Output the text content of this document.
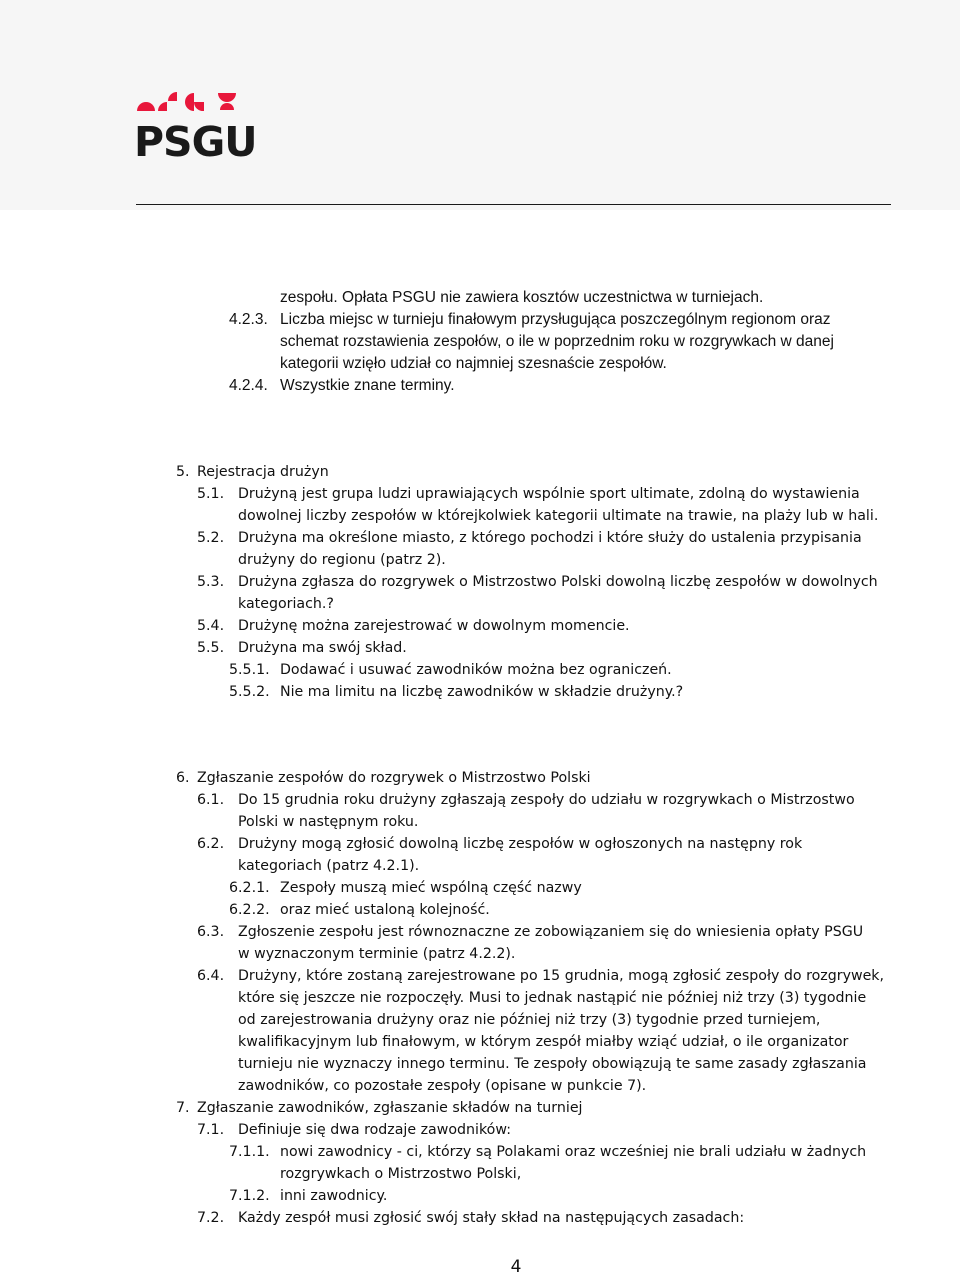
PSGU
zespołu. Opłata PSGU nie zawiera kosztów uczestnictwa w turniejach.
4.2.3. Liczba miejsc w turnieju finałowym przysługująca poszczególnym regionom oraz
schemat rozstawienia zespołów, o ile w poprzednim roku w rozgrywkach w danej
kategorii wzięło udział co najmniej szesnaście zespołów.
4.2.4. Wszystkie znane terminy.
5. Rejestracja drużyn
5.1. Drużyną jest grupa ludzi uprawiających wspólnie sport ultimate, zdolną do wystawienia
dowolnej liczby zespołów w którejkolwiek kategorii ultimate na trawie, na plaży lub w hali.
5.2. Drużyna ma określone miasto, z którego pochodzi i które służy do ustalenia przypisania
drużyny do regionu (patrz 2).
5.3. Drużyna zgłasza do rozgrywek o Mistrzostwo Polski dowolną liczbę zespołów w dowolnych
kategoriach.?
5.4. Drużynę można zarejestrować w dowolnym momencie.
5.5. Drużyna ma swój skład.
5.5.1. Dodawać i usuwać zawodników można bez ograniczeń.
5.5.2. Nie ma limitu na liczbę zawodników w składzie drużyny.?
6. Zgłaszanie zespołów do rozgrywek o Mistrzostwo Polski
6.1. Do 15 grudnia roku drużyny zgłaszają zespoły do udziału w rozgrywkach o Mistrzostwo
Polski w następnym roku.
6.2. Drużyny mogą zgłosić dowolną liczbę zespołów w ogłoszonych na następny rok
kategoriach (patrz 4.2.1).
6.2.1. Zespoły muszą mieć wspólną część nazwy
6.2.2. oraz mieć ustaloną kolejność.
6.3. Zgłoszenie zespołu jest równoznaczne ze zobowiązaniem się do wniesienia opłaty PSGU
w wyznaczonym terminie (patrz 4.2.2).
6.4. Drużyny, które zostaną zarejestrowane po 15 grudnia, mogą zgłosić zespoły do rozgrywek,
które się jeszcze nie rozpoczęły. Musi to jednak nastąpić nie później niż trzy (3) tygodnie
od zarejestrowania drużyny oraz nie później niż trzy (3) tygodnie przed turniejem,
kwalifikacyjnym lub finałowym, w którym zespół miałby wziąć udział, o ile organizator
turnieju nie wyznaczy innego terminu. Te zespoły obowiązują te same zasady zgłaszania
zawodników, co pozostałe zespoły (opisane w punkcie 7).
7. Zgłaszanie zawodników, zgłaszanie składów na turniej
7.1. Definiuje się dwa rodzaje zawodników:
7.1.1. nowi zawodnicy - ci, którzy są Polakami oraz wcześniej nie brali udziału w żadnych
rozgrywkach o Mistrzostwo Polski,
7.1.2. inni zawodnicy.
7.2. Każdy zespół musi zgłosić swój stały skład na następujących zasadach:
4
